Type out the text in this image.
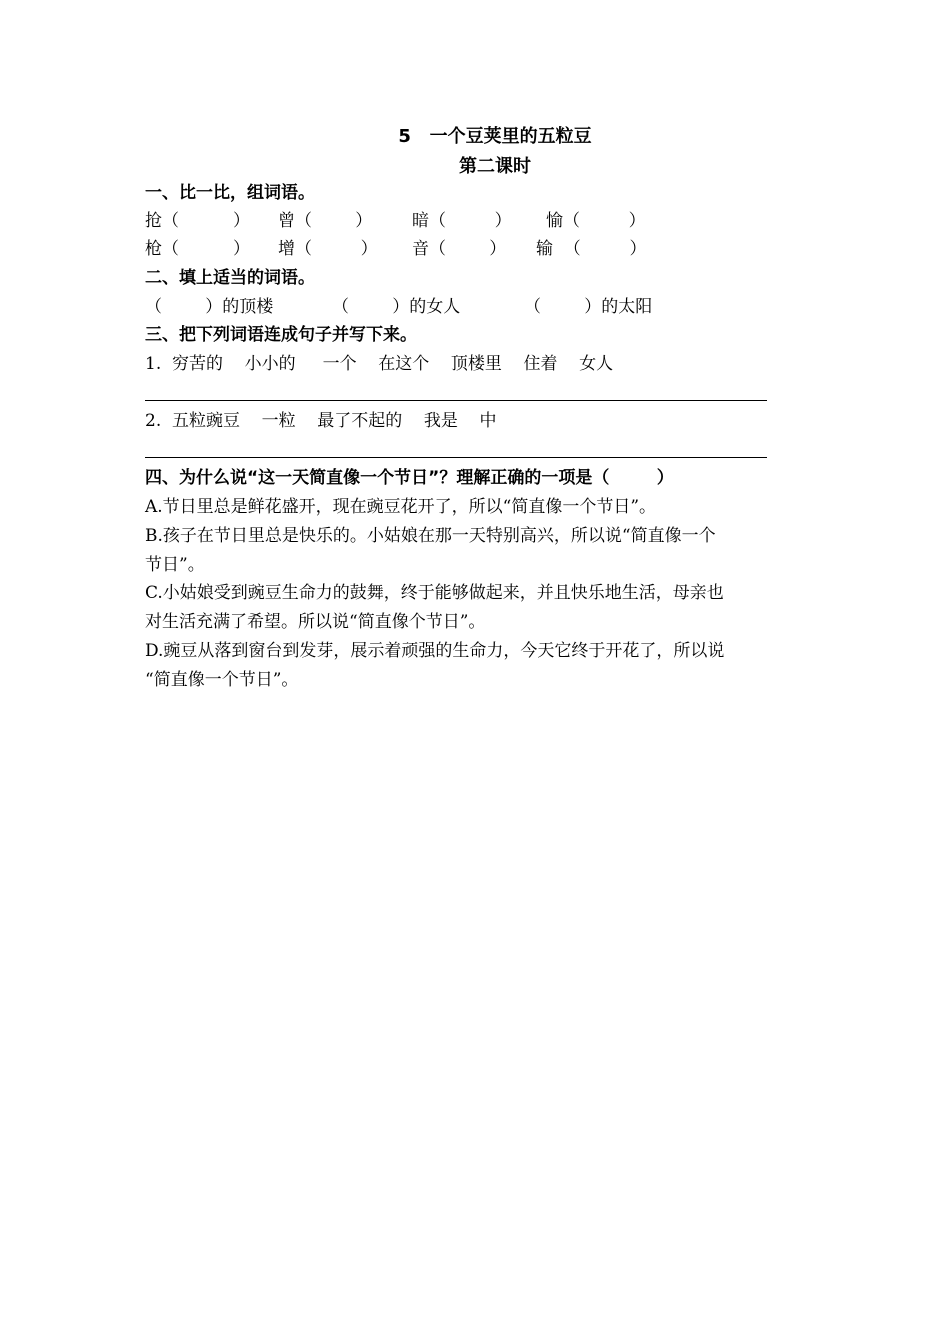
5   一个豆荚里的五粒豆
第二课时
一、比一比，组词语。
抢（          ） 曾（        ） 暗（         ） 愉（         ）
枪（          ） 增（         ） 音（        ） 输  （         ）
二、填上适当的词语。
（        ）的顶楼	（        ）的女人	（        ）的太阳
三、把下列词语连成句子并写下来。
1.  穷苦的    小小的     一个    在这个    顶楼里    住着    女人
2.  五粒豌豆    一粒    最了不起的    我是    中
四、为什么说“这一天简直像一个节日”？理解正确的一项是（        ）
A.节日里总是鲜花盛开，现在豌豆花开了，所以“简直像一个节日”。
B.孩子在节日里总是快乐的。小姑娘在那一天特别高兴，所以说“简直像一个
节日”。
C.小姑娘受到豌豆生命力的鼓舞，终于能够做起来，并且快乐地生活，母亲也
对生活充满了希望。所以说“简直像个节日”。
D.豌豆从落到窗台到发芽，展示着顽强的生命力，今天它终于开花了，所以说
“简直像一个节日”。
